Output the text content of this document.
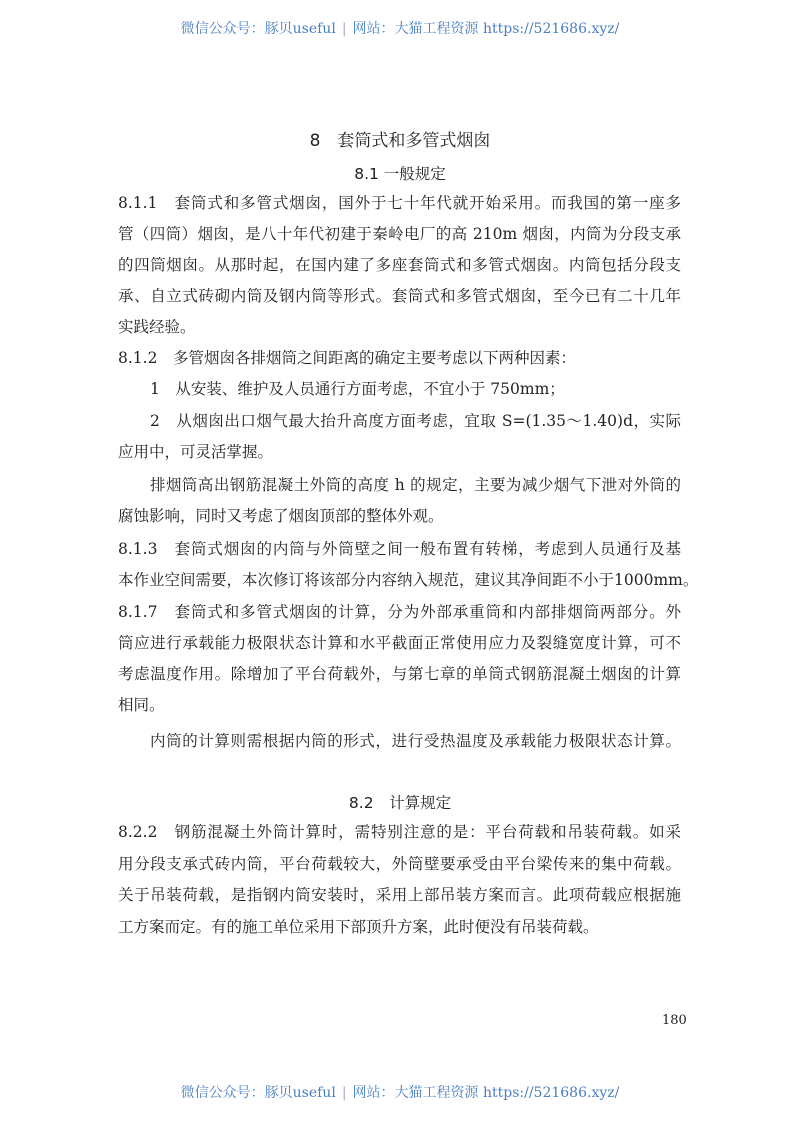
微信公众号：豚贝useful | 网站：大猫工程资源 https://521686.xyz/
8　套筒式和多管式烟囱
8.1 一般规定
8.1.1　套筒式和多管式烟囱，国外于七十年代就开始采用。而我国的第一座多
管（四筒）烟囱，是八十年代初建于秦岭电厂的高 210m 烟囱，内筒为分段支承
的四筒烟囱。从那时起，在国内建了多座套筒式和多管式烟囱。内筒包括分段支
承、自立式砖砌内筒及钢内筒等形式。套筒式和多管式烟囱，至今已有二十几年
实践经验。
8.1.2　多管烟囱各排烟筒之间距离的确定主要考虑以下两种因素：
1　从安装、维护及人员通行方面考虑，不宜小于 750mm；
2　从烟囱出口烟气最大抬升高度方面考虑，宜取 S=(1.35～1.40)d，实际
应用中，可灵活掌握。
排烟筒高出钢筋混凝土外筒的高度 h 的规定，主要为减少烟气下泄对外筒的
腐蚀影响，同时又考虑了烟囱顶部的整体外观。
8.1.3　套筒式烟囱的内筒与外筒壁之间一般布置有转梯，考虑到人员通行及基
本作业空间需要，本次修订将该部分内容纳入规范，建议其净间距不小于1000mm。
8.1.7　套筒式和多管式烟囱的计算，分为外部承重筒和内部排烟筒两部分。外
筒应进行承载能力极限状态计算和水平截面正常使用应力及裂缝宽度计算，可不
考虑温度作用。除增加了平台荷载外，与第七章的单筒式钢筋混凝土烟囱的计算
相同。
内筒的计算则需根据内筒的形式，进行受热温度及承载能力极限状态计算。
8.2　计算规定
8.2.2　钢筋混凝土外筒计算时，需特别注意的是：平台荷载和吊装荷载。如采
用分段支承式砖内筒，平台荷载较大，外筒壁要承受由平台梁传来的集中荷载。
关于吊装荷载，是指钢内筒安装时，采用上部吊装方案而言。此项荷载应根据施
工方案而定。有的施工单位采用下部顶升方案，此时便没有吊装荷载。
180
微信公众号：豚贝useful | 网站：大猫工程资源 https://521686.xyz/
